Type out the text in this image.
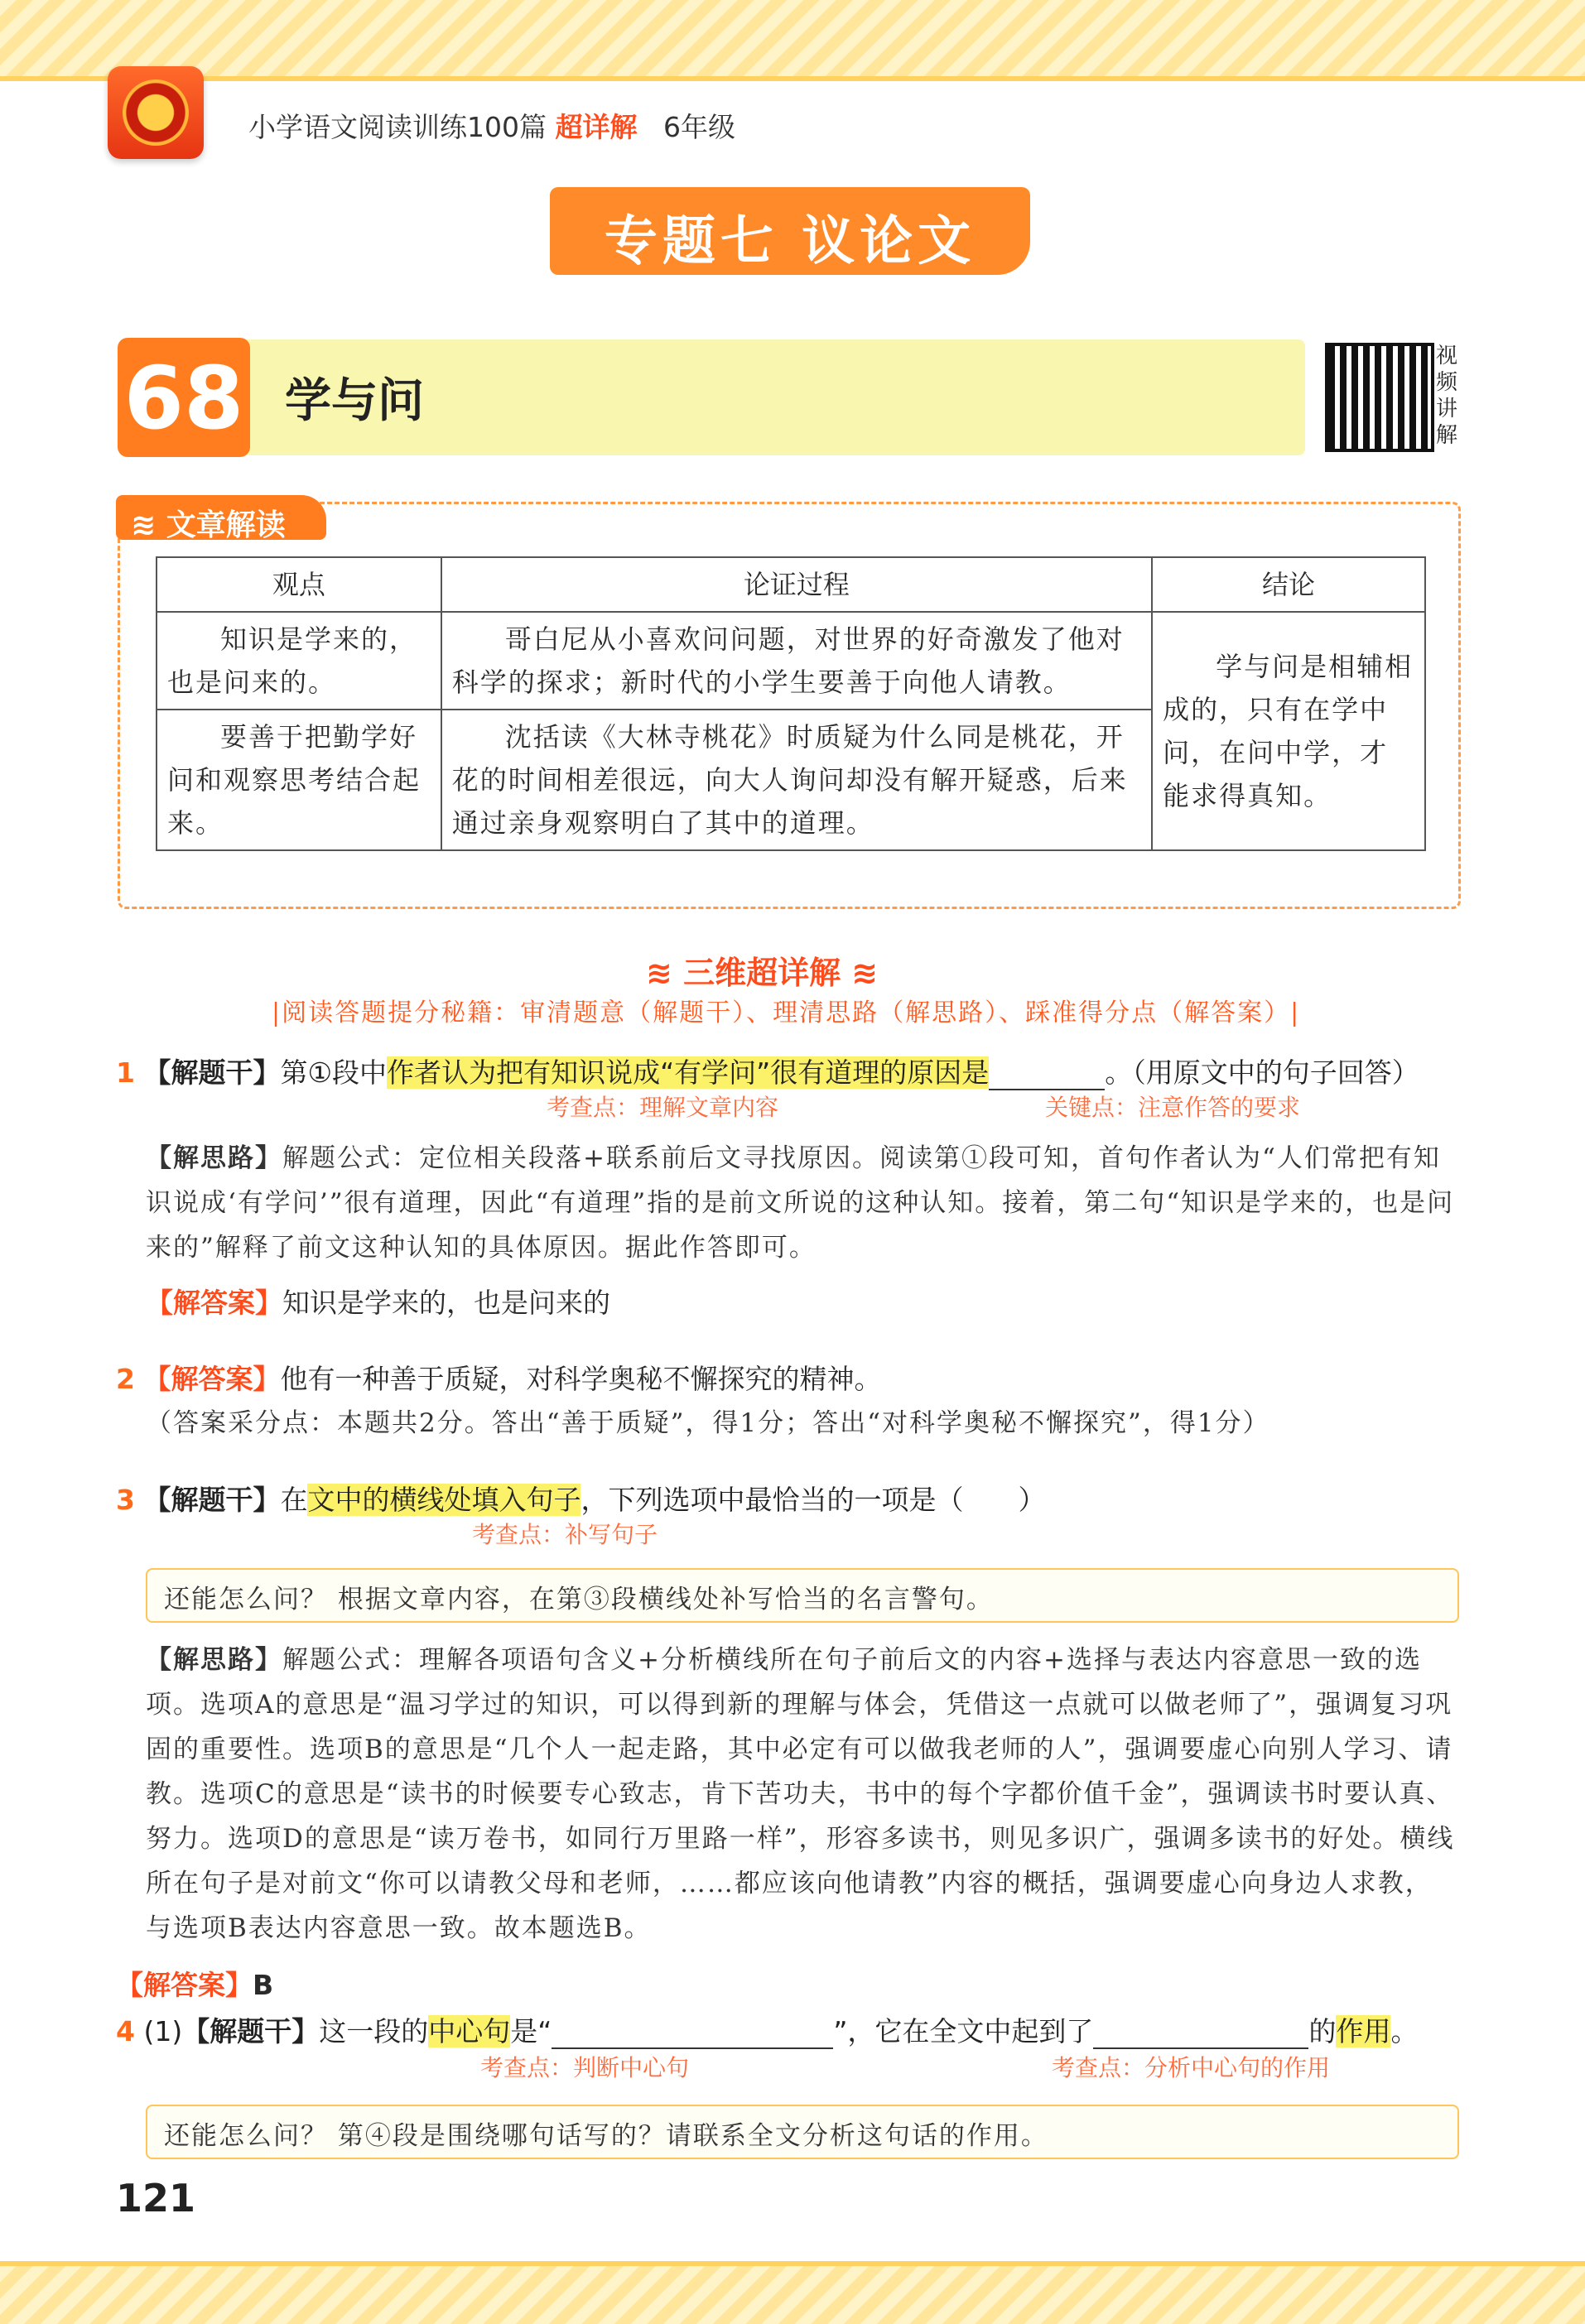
小学语文阅读训练100篇 超详解 6年级
专题七 议论文
68 学与问
视频讲解
≋ 文章解读
观点	论证过程	结论
知识是学来的，也是问来的。	哥白尼从小喜欢问问题，对世界的好奇激发了他对科学的探求；新时代的小学生要善于向他人请教。	学与问是相辅相成的，只有在学中问，在问中学，才能求得真知。
要善于把勤学好问和观察思考结合起来。	沈括读《大林寺桃花》时质疑为什么同是桃花，开花的时间相差很远，向大人询问却没有解开疑惑，后来通过亲身观察明白了其中的道理。	
≋ 三维超详解 ≋
|阅读答题提分秘籍：审清题意（解题干）、理清思路（解思路）、踩准得分点（解答案）|
1 【解题干】第①段中作者认为把有知识说成“有学问”很有道理的原因是	。（用原文中的句子回答）
考查点：理解文章内容	关键点：注意作答的要求
【解思路】解题公式：定位相关段落+联系前后文寻找原因。阅读第①段可知，首句作者认为“人们常把有知识说成‘有学问’”很有道理，因此“有道理”指的是前文所说的这种认知。接着，第二句“知识是学来的，也是问来的”解释了前文这种认知的具体原因。据此作答即可。
【解答案】知识是学来的，也是问来的
2 【解答案】他有一种善于质疑，对科学奥秘不懈探究的精神。
（答案采分点：本题共2分。答出“善于质疑”，得1分；答出“对科学奥秘不懈探究”，得1分）
3 【解题干】在文中的横线处填入句子，下列选项中最恰当的一项是（　　）
考查点：补写句子
还能怎么问？ 根据文章内容，在第③段横线处补写恰当的名言警句。
【解思路】解题公式：理解各项语句含义+分析横线所在句子前后文的内容+选择与表达内容意思一致的选项。选项A的意思是“温习学过的知识，可以得到新的理解与体会，凭借这一点就可以做老师了”，强调复习巩固的重要性。选项B的意思是“几个人一起走路，其中必定有可以做我老师的人”，强调要虚心向别人学习、请教。选项C的意思是“读书的时候要专心致志，肯下苦功夫，书中的每个字都价值千金”，强调读书时要认真、努力。选项D的意思是“读万卷书，如同行万里路一样”，形容多读书，则见多识广，强调多读书的好处。横线所在句子是对前文“你可以请教父母和老师，……都应该向他请教”内容的概括，强调要虚心向身边人求教，与选项B表达内容意思一致。故本题选B。
【解答案】B
4 (1)【解题干】这一段的中心句是“	”，它在全文中起到了	的作用。
考查点：判断中心句	考查点：分析中心句的作用
还能怎么问？ 第④段是围绕哪句话写的？请联系全文分析这句话的作用。
121
